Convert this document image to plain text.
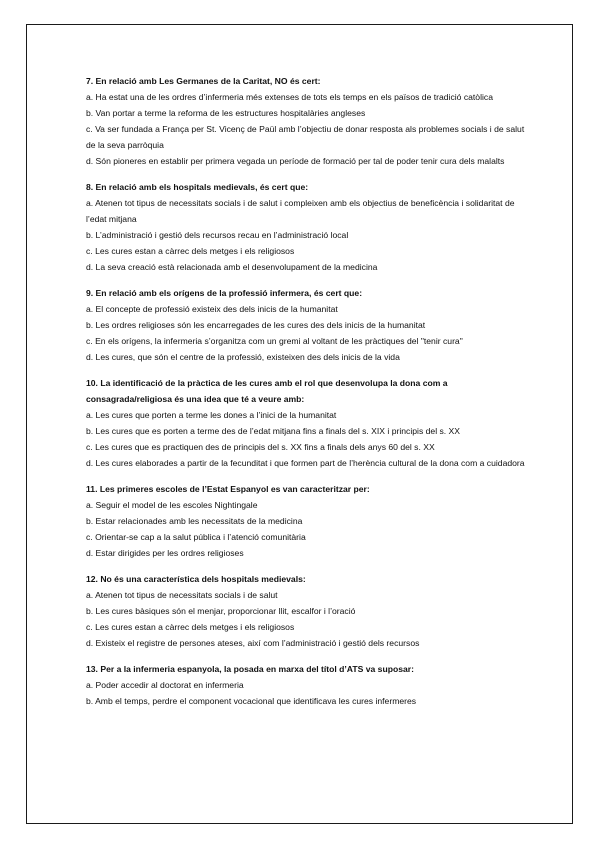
7. En relació amb Les Germanes de la Caritat, NO és cert:
a. Ha estat una de les ordres d’infermeria més extenses de tots els temps en els països de tradició catòlica
b. Van portar a terme la reforma de les estructures hospitalàries angleses
c. Va ser fundada a França per St. Vicenç de Paül amb l’objectiu de donar resposta als problemes socials i de salut de la seva parròquia
d. Són pioneres en establir per primera vegada un període de formació per tal de poder tenir cura dels malalts
8. En relació amb els hospitals medievals, és cert que:
a. Atenen tot tipus de necessitats socials i de salut i compleixen amb els objectius de beneficència i solidaritat de l’edat mitjana
b. L’administració i gestió dels recursos recau en l’administració local
c. Les cures estan a càrrec dels metges i els religiosos
d. La seva creació està relacionada amb el desenvolupament de la medicina
9. En relació amb els orígens de la professió infermera, és cert que:
a. El concepte de professió existeix des dels inicis de la humanitat
b. Les ordres religioses són les encarregades de les cures des dels inicis de la humanitat
c. En els orígens, la infermeria s’organitza com un gremi al voltant de les pràctiques del "tenir cura"
d. Les cures, que són el centre de la professió, existeixen des dels inicis de la vida
10. La identificació de la pràctica de les cures amb el rol que desenvolupa la dona com a consagrada/religiosa és una idea que té a veure amb:
a. Les cures que porten a terme les dones a l’inici de la humanitat
b. Les cures que es porten a terme des de l’edat mitjana fins a finals del s. XIX i principis del s. XX
c. Les cures que es practiquen des de principis del s. XX fins a finals dels anys 60 del s. XX
d. Les cures elaborades a partir de la fecunditat i que formen part de l’herència cultural de la dona com a cuidadora
11. Les primeres escoles de l’Estat Espanyol es van caracteritzar per:
a. Seguir el model de les escoles Nightingale
b. Estar relacionades amb les necessitats de la medicina
c. Orientar-se cap a la salut pública i l’atenció comunitària
d. Estar dirigides per les ordres religioses
12. No és una característica dels hospitals medievals:
a. Atenen tot tipus de necessitats socials i de salut
b. Les cures bàsiques són el menjar, proporcionar llit, escalfor i l’oració
c. Les cures estan a càrrec dels metges i els religiosos
d. Existeix el registre de persones ateses, així com l’administració i gestió dels recursos
13. Per a la infermeria espanyola, la posada en marxa del títol d’ATS va suposar:
a. Poder accedir al doctorat en infermeria
b. Amb el temps, perdre el component vocacional que identificava les cures infermeres
